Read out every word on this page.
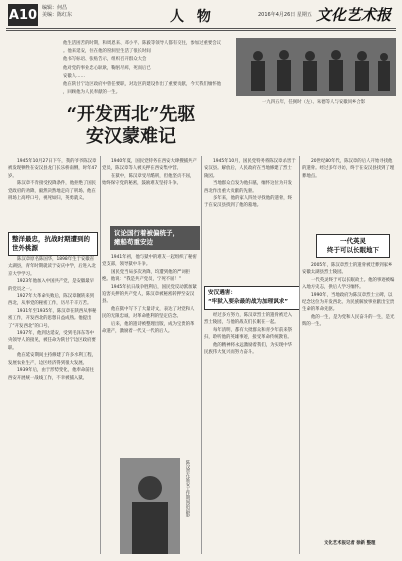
A10 编辑：何昌
美编：陈红东	人 物	2016年4月26日 星期五 文化艺术报

他生活困苦的时期，和周恩来、邓小平、陈毅等领导人都有交往，参加过重要会议

。他来延安，住在他的窑洞里生活了很长时间

他书写标语、张贴告示，组织召开群众大会

他对党的事业忠心耿耿，鞠躬尽瘁，死而后已

安徽人……

他在陕甘宁边区政府中曾任要职，对边区的建设作出了重要贡献，今天我们缅怀他

，回顾他为人民奉献的一生。

一九四五年，任弼时（左）、朱德等人与安徽同乡合影
“开发西北”先驱
安汉蒙难记

1945年10月27日下午，我的爷爷陈汉章被发现牺牲在安汉县龙门长乐桥南侧，时年47岁。

陈汉章不肯接受投降条件，他拒绝了国民党政府的劝降，毅然决然地走向了刑场。他在刑场上高呼口号，视死如归，英勇就义。

整洋最忠，抗战时期遭到的世外桃源

陈汉章原名陈国华，1898年生于安徽省太湖县，青年时期就读于安庆中学，后进入北京大学学习。

1923年他加入中国共产党，是安徽最早的党员之一。

1927年大革命失败后，陈汉章辗转来到西北，从事党的秘密工作，历尽千辛万苦。

1931年至1935年，陈汉章在陕西从事秘密工作，开发西北的思想日益成熟。他提出了“开发西北”的口号。

1937年，他到达延安，受到毛泽东等中央领导人的接见，被任命为陕甘宁边区政府要职。

他在延安期间主持修建了许多水利工程，发展农业生产，边区经济得到很大发展。

1939年后，由于形势变化，他奉命前往西安开展统一战线工作，不幸被捕入狱。

1940年夏，国民党特务在西安大肆搜捕共产党员，陈汉章等人被关押在西安集中营。

在狱中，陈汉章受尽酷刑，但他坚贞不屈，始终保守党的秘密，鼓励难友坚持斗争。

议论国行着被偏统子，
瘫船苟重安边

1941年初，他与狱中的难友一起组织了秘密党支部，领导狱中斗争。

国民党当局多次劝降，均遭到他的严词拒绝。他说：“我是共产党员，宁死不屈！”

1945年抗日战争胜利后，国民党反动派加紧迫害关押的共产党人，陈汉章被秘密转押至安汉县。

他在狱中写下了大量诗文，表达了对党和人民的无限忠诚，对革命胜利的坚定信念。

后来，他的遗诗被整理出版，成为宝贵的革命遗产，激励着一代又一代的后人。

陈汉章在延安工作期间的留影

1945年10月，国民党特务将陈汉章杀害于安汉县。解放后，人民政府在当地修建了烈士陵园。

当地群众自发为他扫墓，缅怀这位为开发西北作出重大贡献的先驱。

多年来，他的家人四处寻找他的遗骨，终于在安汉县找到了他的墓地。

安汉遇害：
“牢狱入要杂最的战为加理讽求”

经过多方努力，陈汉章烈士的遗骨被迁入烈士陵园，与他的战友们长眠在一起。

每年清明，都有大批群众和青少年前来祭扫，聆听他的英雄事迹，接受革命传统教育。

他的精神将永远激励着我们，为实现中华民族伟大复兴而努力奋斗。

20世纪80年代，陈汉章的后人开始寻找他的遗骨。经过多年寻访，终于在安汉县找到了埋葬地点。

一代英灵
终于可以长眠地下

2005年，陈汉章烈士的遗骨被迁葬到家乡安徽太湖县烈士陵园。

一代英灵终于可以长眠故土。他的事迹被编入地方史志，供后人学习缅怀。

1990年，当地政府为陈汉章烈士立碑，以纪念这位为开发西北、为民族解放事业献出宝贵生命的革命先驱。

他的一生，是为党和人民奋斗的一生，是光辉的一生。

文化艺术报记者 徐新 整理
